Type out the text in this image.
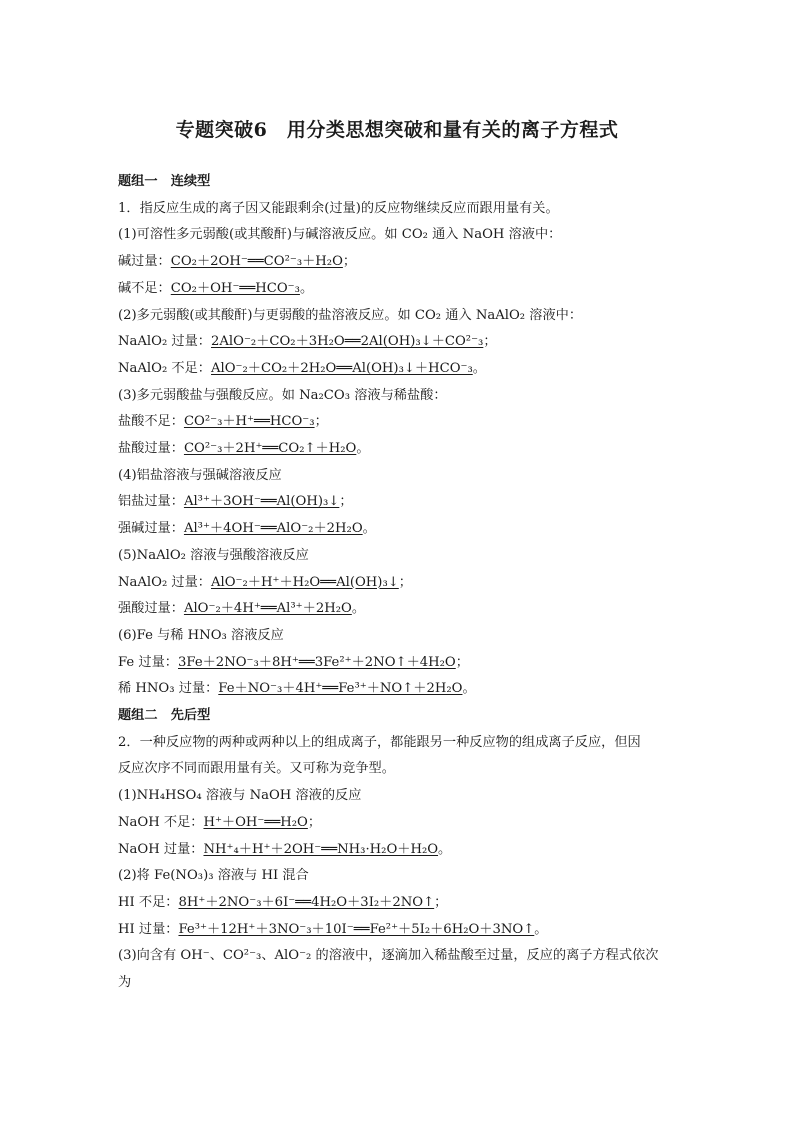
专题突破6　用分类思想突破和量有关的离子方程式
题组一　连续型
1．指反应生成的离子因又能跟剩余(过量)的反应物继续反应而跟用量有关。
(1)可溶性多元弱酸(或其酸酐)与碱溶液反应。如 CO₂ 通入 NaOH 溶液中：
碱过量：CO₂＋2OH⁻══CO²⁻₃＋H₂O；
碱不足：CO₂＋OH⁻══HCO⁻₃。
(2)多元弱酸(或其酸酐)与更弱酸的盐溶液反应。如 CO₂ 通入 NaAlO₂ 溶液中：
NaAlO₂ 过量：2AlO⁻₂＋CO₂＋3H₂O══2Al(OH)₃↓＋CO²⁻₃；
NaAlO₂ 不足：AlO⁻₂＋CO₂＋2H₂O══Al(OH)₃↓＋HCO⁻₃。
(3)多元弱酸盐与强酸反应。如 Na₂CO₃ 溶液与稀盐酸：
盐酸不足：CO²⁻₃＋H⁺══HCO⁻₃；
盐酸过量：CO²⁻₃＋2H⁺══CO₂↑＋H₂O。
(4)铝盐溶液与强碱溶液反应
铝盐过量：Al³⁺＋3OH⁻══Al(OH)₃↓；
强碱过量：Al³⁺＋4OH⁻══AlO⁻₂＋2H₂O。
(5)NaAlO₂ 溶液与强酸溶液反应
NaAlO₂ 过量：AlO⁻₂＋H⁺＋H₂O══Al(OH)₃↓；
强酸过量：AlO⁻₂＋4H⁺══Al³⁺＋2H₂O。
(6)Fe 与稀 HNO₃ 溶液反应
Fe 过量：3Fe＋2NO⁻₃＋8H⁺══3Fe²⁺＋2NO↑＋4H₂O；
稀 HNO₃ 过量：Fe＋NO⁻₃＋4H⁺══Fe³⁺＋NO↑＋2H₂O。
题组二　先后型
2．一种反应物的两种或两种以上的组成离子，都能跟另一种反应物的组成离子反应，但因
反应次序不同而跟用量有关。又可称为竞争型。
(1)NH₄HSO₄ 溶液与 NaOH 溶液的反应
NaOH 不足：H⁺＋OH⁻══H₂O；
NaOH 过量：NH⁺₄＋H⁺＋2OH⁻══NH₃·H₂O＋H₂O。
(2)将 Fe(NO₃)₃ 溶液与 HI 混合
HI 不足：8H⁺＋2NO⁻₃＋6I⁻══4H₂O＋3I₂＋2NO↑；
HI 过量：Fe³⁺＋12H⁺＋3NO⁻₃＋10I⁻══Fe²⁺＋5I₂＋6H₂O＋3NO↑。
(3)向含有 OH⁻、CO²⁻₃、AlO⁻₂ 的溶液中，逐滴加入稀盐酸至过量，反应的离子方程式依次
为
